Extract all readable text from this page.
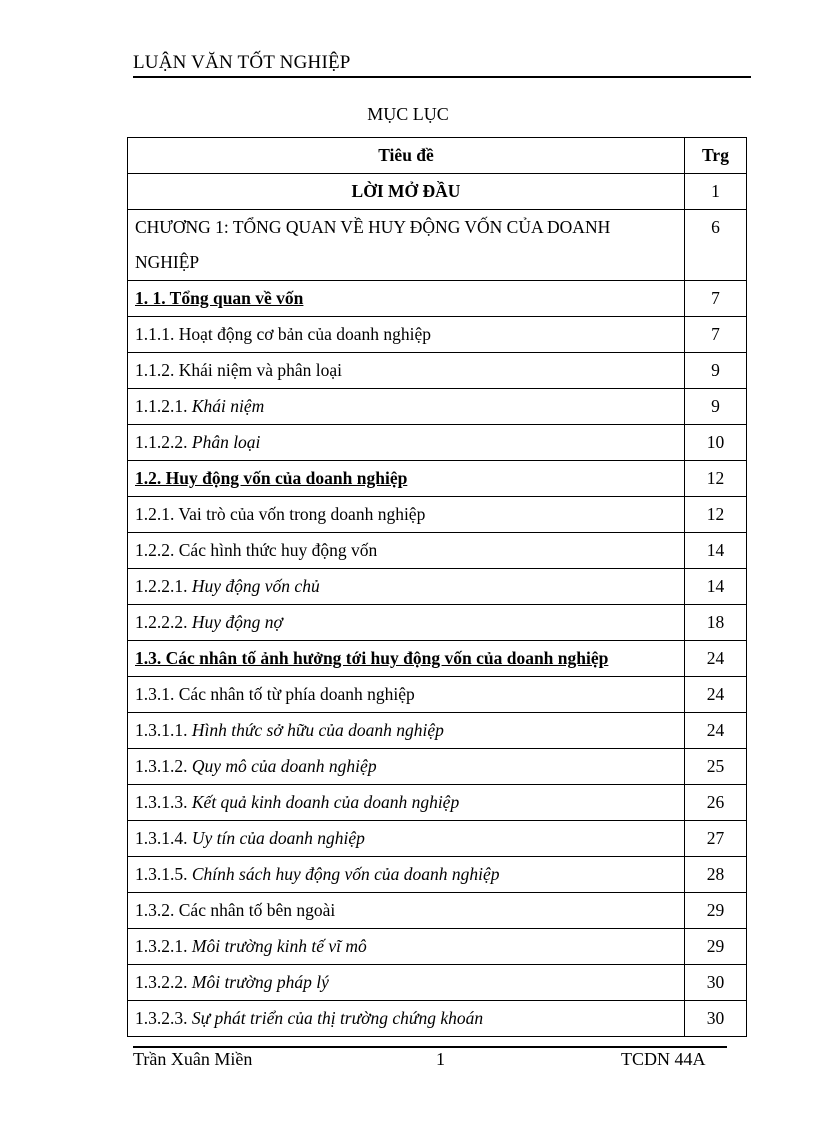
LUẬN VĂN TỐT NGHIỆP
MỤC LỤC
Tiêu đề	Trg
LỜI MỞ ĐẦU	1
CHƯƠNG 1: TỔNG QUAN VỀ HUY ĐỘNG VỐN CỦA DOANH NGHIỆP	6
1. 1. Tổng quan về vốn	7
1.1.1. Hoạt động cơ bản của doanh nghiệp	7
1.1.2. Khái niệm và phân loại	9
1.1.2.1. Khái niệm	9
1.1.2.2. Phân loại	10
1.2. Huy động vốn của doanh nghiệp	12
1.2.1. Vai trò của vốn trong doanh nghiệp	12
1.2.2. Các hình thức huy động vốn	14
1.2.2.1. Huy động vốn chủ	14
1.2.2.2. Huy động nợ	18
1.3. Các nhân tố ảnh hưởng tới huy động vốn của doanh nghiệp	24
1.3.1. Các nhân tố từ phía doanh nghiệp	24
1.3.1.1. Hình thức sở hữu của doanh nghiệp	24
1.3.1.2. Quy mô của doanh nghiệp	25
1.3.1.3. Kết quả kinh doanh của doanh nghiệp	26
1.3.1.4. Uy tín của doanh nghiệp	27
1.3.1.5. Chính sách huy động vốn của doanh nghiệp	28
1.3.2. Các nhân tố bên ngoài	29
1.3.2.1. Môi trường kinh tế vĩ mô	29
1.3.2.2. Môi trường pháp lý	30
1.3.2.3. Sự phát triển của thị trường chứng khoán	30
Trần Xuân Miền	1	TCDN 44A
